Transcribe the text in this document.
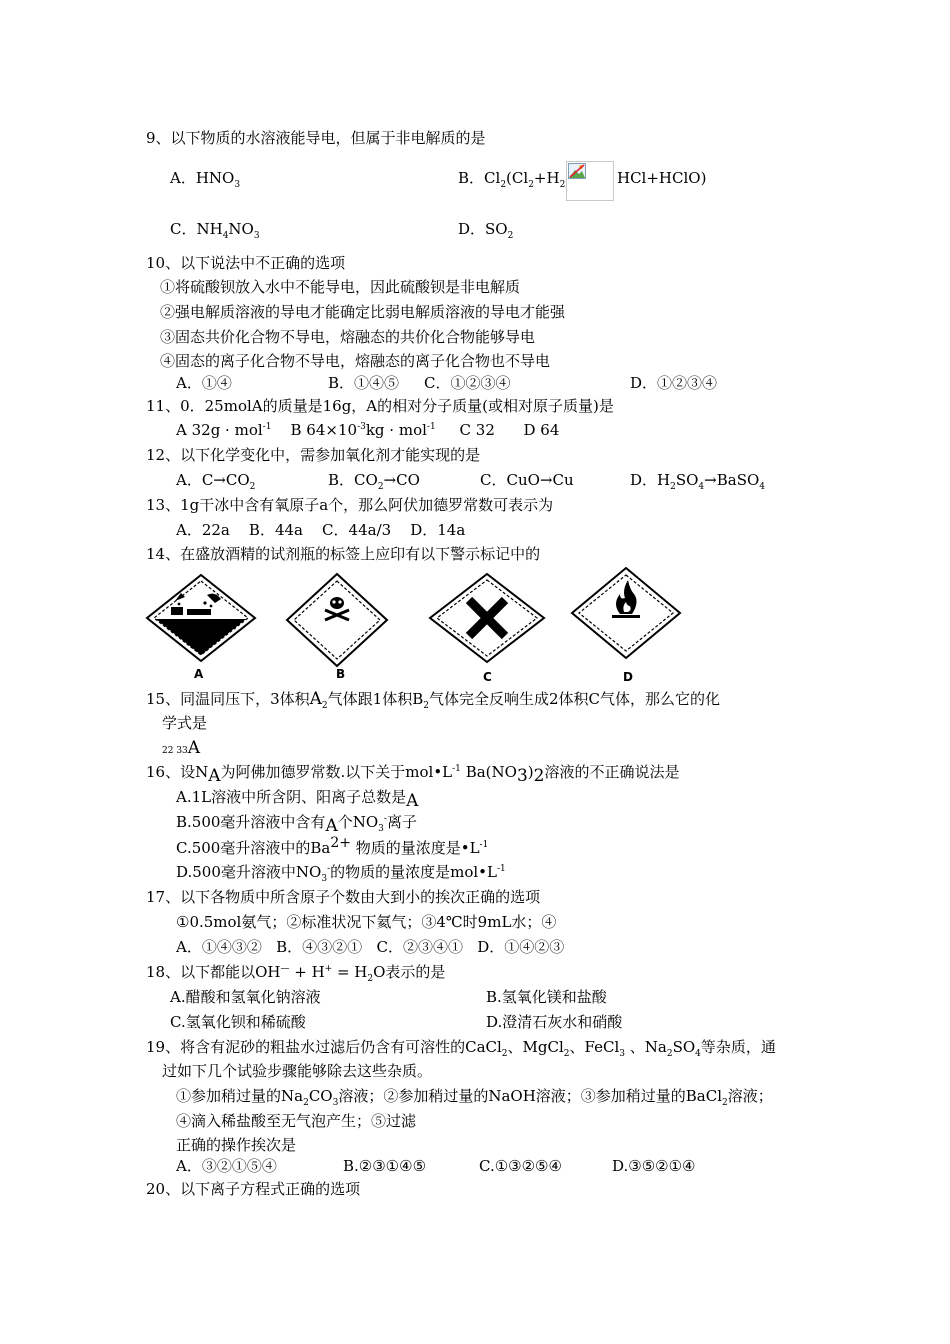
9、以下物质的水溶液能导电，但属于非电解质的是
A．$HNO_3$	B．$Cl_2(Cl_2+H_2$	HCl+HClO)
C．$NH_4NO_3$	D．$SO_2$
10、以下说法中不正确的选项
①将硫酸钡放入水中不能导电，因此硫酸钡是非电解质
②强电解质溶液的导电才能确定比弱电解质溶液的导电才能强
③固态共价化合物不导电，熔融态的共价化合物能够导电
④固态的离子化合物不导电，熔融态的离子化合物也不导电
A．①④	B．①④⑤ C．①②③④	D．①②③④
11、0．25molA的质量是16g，A的相对分子质量(或相对原子质量)是
A 32g · mol$^{-1}$ B $64\times 10^{-3}kg \cdot mol^{-1}$ C 32 D 64
12、以下化学变化中，需参加氧化剂才能实现的是
A．$C\to CO_2$	B．$CO_2\to CO$	C．CuO→Cu	D．$H_2SO_4\to BaSO_4$
13、1g干冰中含有氧原子a个，那么阿伏加德罗常数可表示为
A．22a    B．44a    C．44a/3    D．14a
14、在盛放酒精的试剂瓶的标签上应印有以下警示标记中的
A	B	C	D
15、同温同压下，3体积$A_2$气体跟1体积$B_2$气体完全反响生成2体积C气体，那么它的化
学式是
22 33A
16、设$N_A$为阿佛加德罗常数.以下关于$mol•L^{-1}$ $Ba(NO_3)_2$溶液的不正确说法是
A.1L溶液中所含阴、阳离子总数是$_A$
B.500毫升溶液中含有$_A$个$NO_3^-$离子
C.500毫升溶液中的$Ba^{2+}$ 物质的量浓度是$•L^{-1}$
D.500毫升溶液中$NO_3^-$的物质的量浓度是$mol•L^{-1}$
17、以下各物质中所含原子个数由大到小的挨次正确的选项
①0.5mol氨气；②标准状况下氦气；③4℃时9mL水；④
A．①④③②   B．④③②①   C．②③④①   D．①④②③
18、以下都能以$OH^— + H^+ = H_2O$表示的是
A.醋酸和氢氧化钠溶液	B.氢氧化镁和盐酸
C.氢氧化钡和稀硫酸	D.澄清石灰水和硝酸
19、将含有泥砂的粗盐水过滤后仍含有可溶性的CaCl$_2$、MgCl$_2$、FeCl$_3$ 、$Na_2SO_4$等杂质，通
过如下几个试验步骤能够除去这些杂质。
①参加稍过量的$Na_2CO_3$溶液；②参加稍过量的NaOH溶液；③参加稍过量的BaCl$_2$溶液；
④滴入稀盐酸至无气泡产生；⑤过滤
正确的操作挨次是
A．③②①⑤④	B.②③①④⑤	C.①③②⑤④	D.③⑤②①④
20、以下离子方程式正确的选项
